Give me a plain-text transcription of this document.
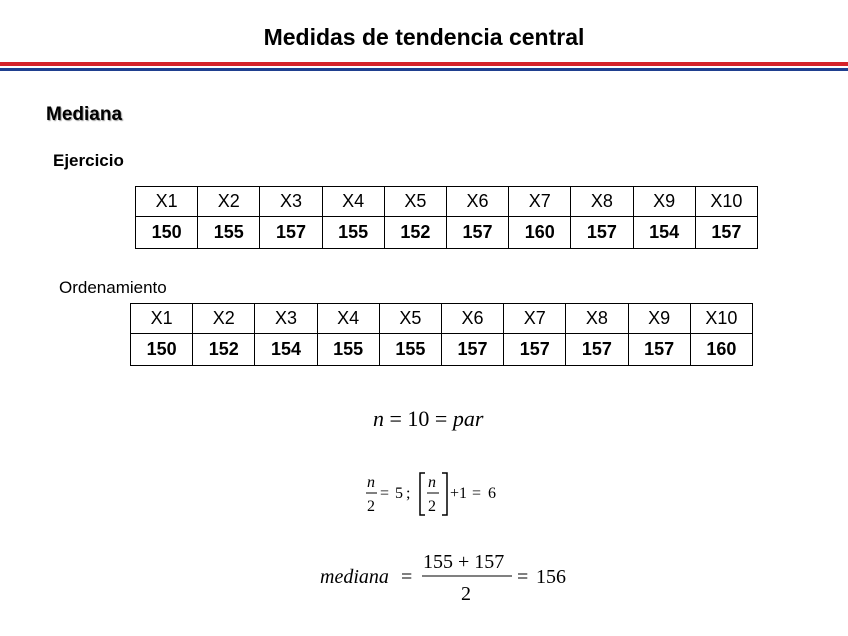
Medidas de tendencia central
Mediana
Ejercicio
X1	X2	X3	X4	X5	X6	X7	X8	X9	X10
150	155	157	155	152	157	160	157	154	157
Ordenamiento
X1	X2	X3	X4	X5	X6	X7	X8	X9	X10
150	152	154	155	155	157	157	157	157	160
n = 10 = par
n
2
= 5 ;
n
2
+1 = 6
mediana =
155 + 157
2
= 156
